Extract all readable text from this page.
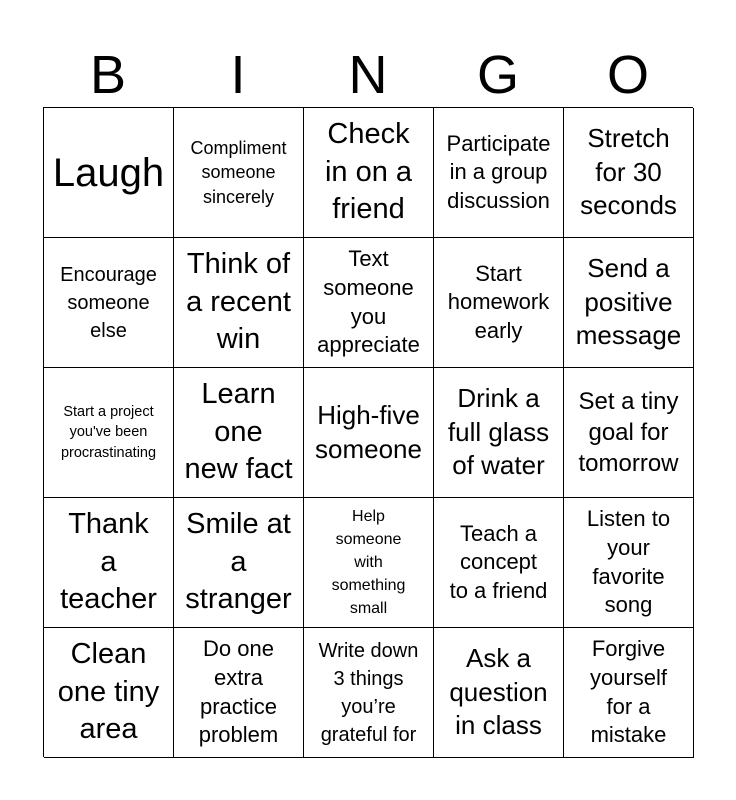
B	I	N	G	O
Laugh
Compliment
someone
sincerely
Check
in on a
friend
Participate
in a group
discussion
Stretch
for 30
seconds
Encourage
someone
else
Think of
a recent
win
Text
someone
you
appreciate
Start
homework
early
Send a
positive
message
Start a project
you've been
procrastinating
Learn
one
new fact
High-five
someone
Drink a
full glass
of water
Set a tiny
goal for
tomorrow
Thank
a
teacher
Smile at
a
stranger
Help
someone
with
something
small
Teach a
concept
to a friend
Listen to
your
favorite
song
Clean
one tiny
area
Do one
extra
practice
problem
Write down
3 things
you’re
grateful for
Ask a
question
in class
Forgive
yourself
for a
mistake
